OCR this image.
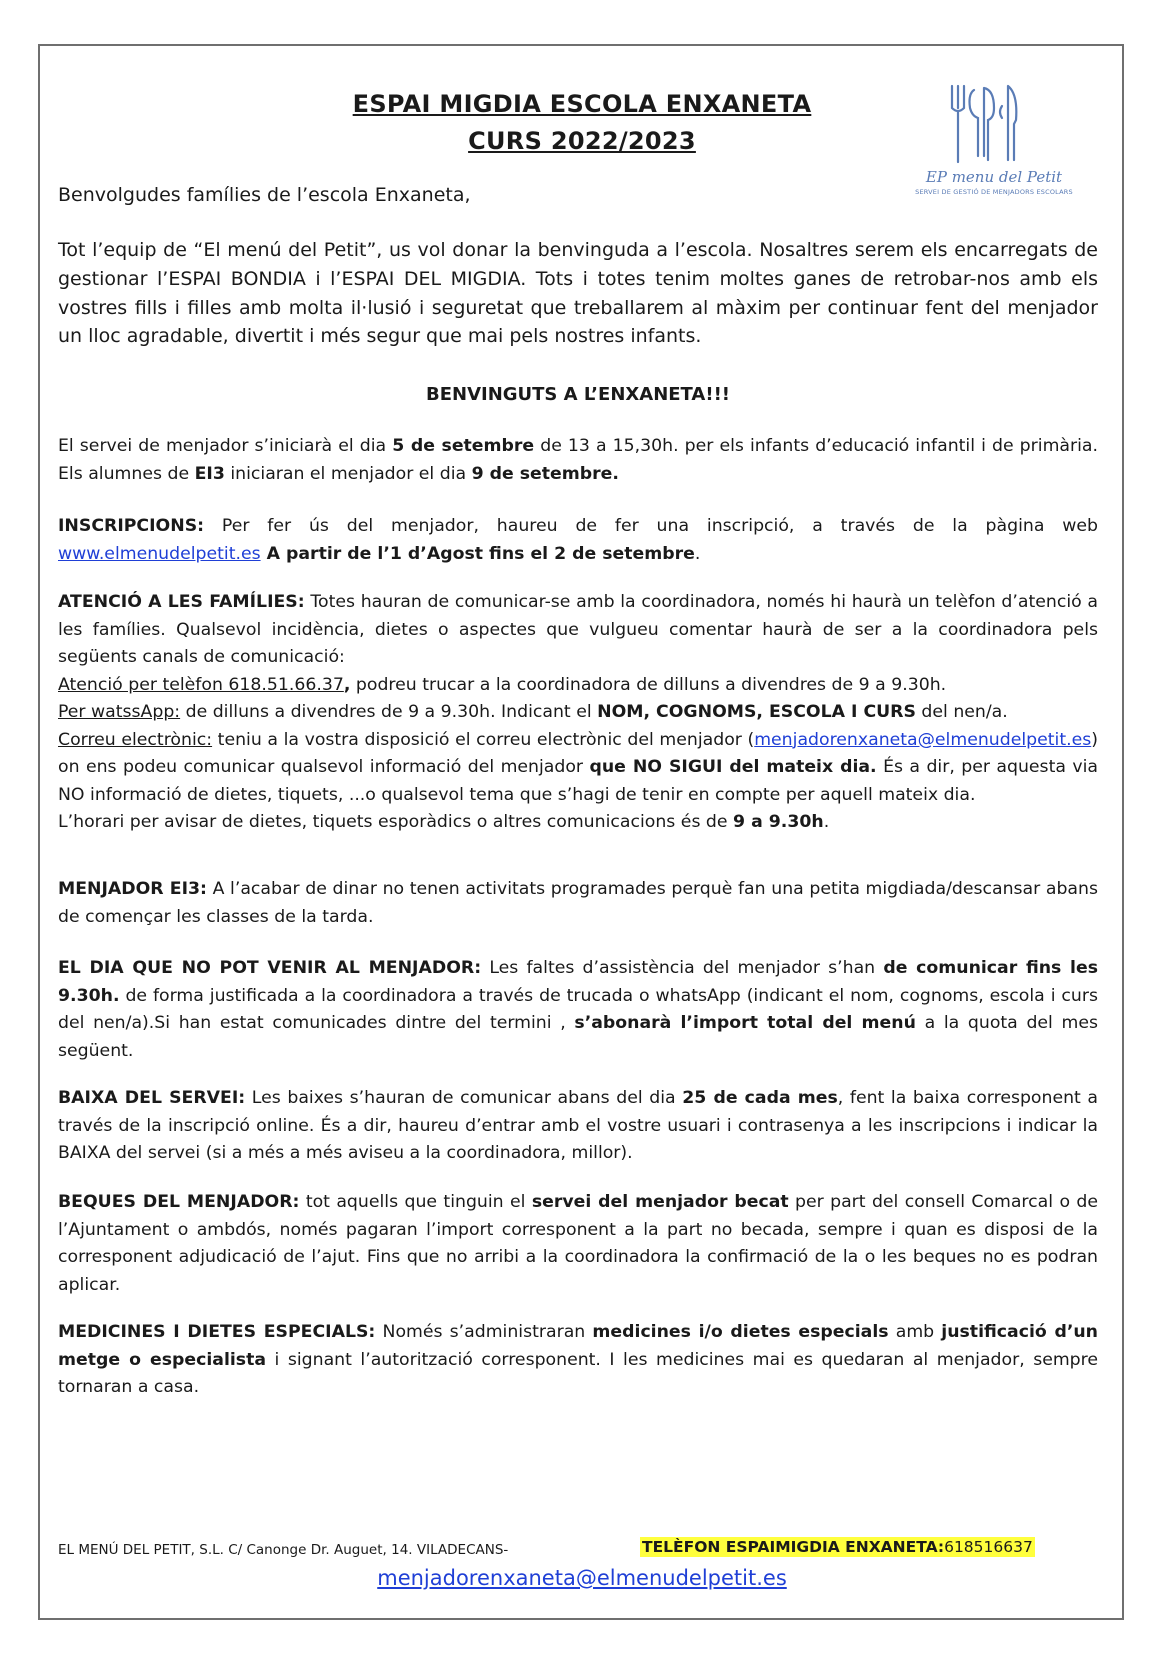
ESPAI MIGDIA ESCOLA ENXANETA
CURS 2022/2023
EP menu del Petit
SERVEI DE GESTIÓ DE MENJADORS ESCOLARS

Benvolgudes famílies de l’escola Enxaneta,

Tot l’equip de “El menú del Petit”, us vol donar la benvinguda a l’escola. Nosaltres serem els encarregats de gestionar l’ESPAI BONDIA i l’ESPAI DEL MIGDIA. Tots i totes tenim moltes ganes de retrobar-nos amb els vostres fills i filles amb molta il·lusió i seguretat que treballarem al màxim per continuar fent del menjador un lloc agradable, divertit i més segur que mai pels nostres infants.

BENVINGUTS A L’ENXANETA!!!

El servei de menjador s’iniciarà el dia 5 de setembre de 13 a 15,30h. per els infants d’educació infantil i de primària. Els alumnes de EI3 iniciaran el menjador el dia 9 de setembre.

INSCRIPCIONS: Per fer ús del menjador, haureu de fer una inscripció, a través de la pàgina web www.elmenudelpetit.es A partir de l’1 d’Agost fins el 2 de setembre.

ATENCIÓ A LES FAMÍLIES: Totes hauran de comunicar-se amb la coordinadora, només hi haurà un telèfon d’atenció a les famílies. Qualsevol incidència, dietes o aspectes que vulgueu comentar haurà de ser a la coordinadora pels següents canals de comunicació:
Atenció per telèfon 618.51.66.37, podreu trucar a la coordinadora de dilluns a divendres de 9 a 9.30h.
Per watssApp: de dilluns a divendres de 9 a 9.30h. Indicant el NOM, COGNOMS, ESCOLA I CURS del nen/a.
Correu electrònic: teniu a la vostra disposició el correu electrònic del menjador (menjadorenxaneta@elmenudelpetit.es) on ens podeu comunicar qualsevol informació del menjador que NO SIGUI del mateix dia. És a dir, per aquesta via NO informació de dietes, tiquets, ...o qualsevol tema que s’hagi de tenir en compte per aquell mateix dia.
L’horari per avisar de dietes, tiquets esporàdics o altres comunicacions és de 9 a 9.30h.

MENJADOR EI3: A l’acabar de dinar no tenen activitats programades perquè fan una petita migdiada/descansar abans de començar les classes de la tarda.

EL DIA QUE NO POT VENIR AL MENJADOR: Les faltes d’assistència del menjador s’han de comunicar fins les 9.30h. de forma justificada a la coordinadora a través de trucada o whatsApp (indicant el nom, cognoms, escola i curs del nen/a).Si han estat comunicades dintre del termini , s’abonarà l’import total del menú a la quota del mes següent.

BAIXA DEL SERVEI: Les baixes s’hauran de comunicar abans del dia 25 de cada mes, fent la baixa corresponent a través de la inscripció online. És a dir, haureu d’entrar amb el vostre usuari i contrasenya a les inscripcions i indicar la BAIXA del servei (si a més a més aviseu a la coordinadora, millor).

BEQUES DEL MENJADOR: tot aquells que tinguin el servei del menjador becat per part del consell Comarcal o de l’Ajuntament o ambdós, només pagaran l’import corresponent a la part no becada, sempre i quan es disposi de la corresponent adjudicació de l’ajut. Fins que no arribi a la coordinadora la confirmació de la o les beques no es podran aplicar.

MEDICINES I DIETES ESPECIALS: Només s’administraran medicines i/o dietes especials amb justificació d’un metge o especialista i signant l’autorització corresponent. I les medicines mai es quedaran al menjador, sempre tornaran a casa.

EL MENÚ DEL PETIT, S.L. C/ Canonge Dr. Auguet, 14. VILADECANS-	TELÈFON ESPAIMIGDIA ENXANETA:618516637
menjadorenxaneta@elmenudelpetit.es
